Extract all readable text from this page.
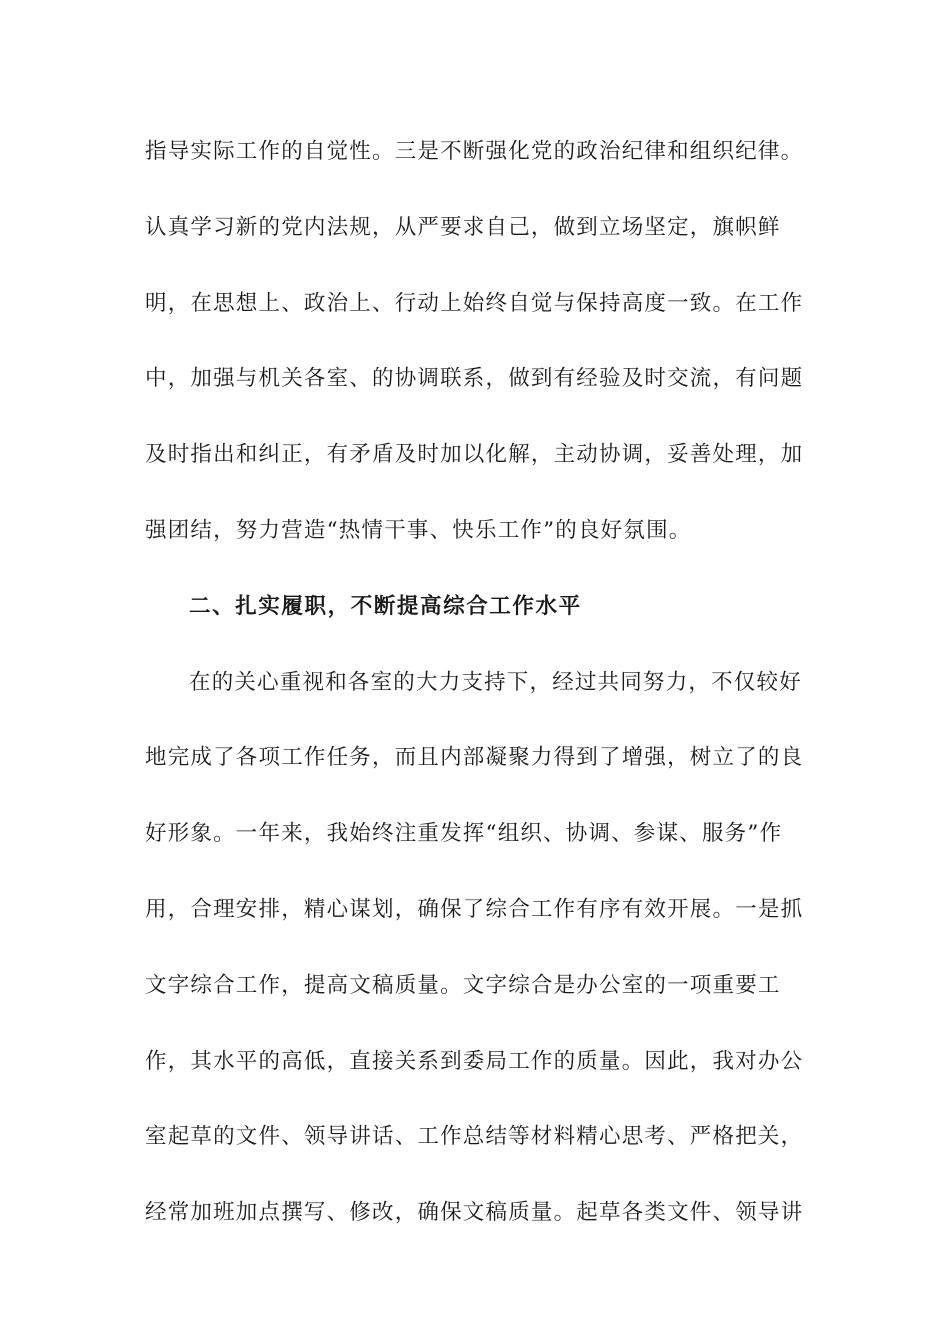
指导实际工作的自觉性。三是不断强化党的政治纪律和组织纪律。
认真学习新的党内法规，从严要求自己，做到立场坚定，旗帜鲜
明，在思想上、政治上、行动上始终自觉与保持高度一致。在工作
中，加强与机关各室、的协调联系，做到有经验及时交流，有问题
及时指出和纠正，有矛盾及时加以化解，主动协调，妥善处理，加
强团结，努力营造“热情干事、快乐工作”的良好氛围。
二、扎实履职，不断提高综合工作水平
在的关心重视和各室的大力支持下，经过共同努力，不仅较好
地完成了各项工作任务，而且内部凝聚力得到了增强，树立了的良
好形象。一年来，我始终注重发挥“组织、协调、参谋、服务”作
用，合理安排，精心谋划，确保了综合工作有序有效开展。一是抓
文字综合工作，提高文稿质量。文字综合是办公室的一项重要工
作，其水平的高低，直接关系到委局工作的质量。因此，我对办公
室起草的文件、领导讲话、工作总结等材料精心思考、严格把关，
经常加班加点撰写、修改，确保文稿质量。起草各类文件、领导讲
